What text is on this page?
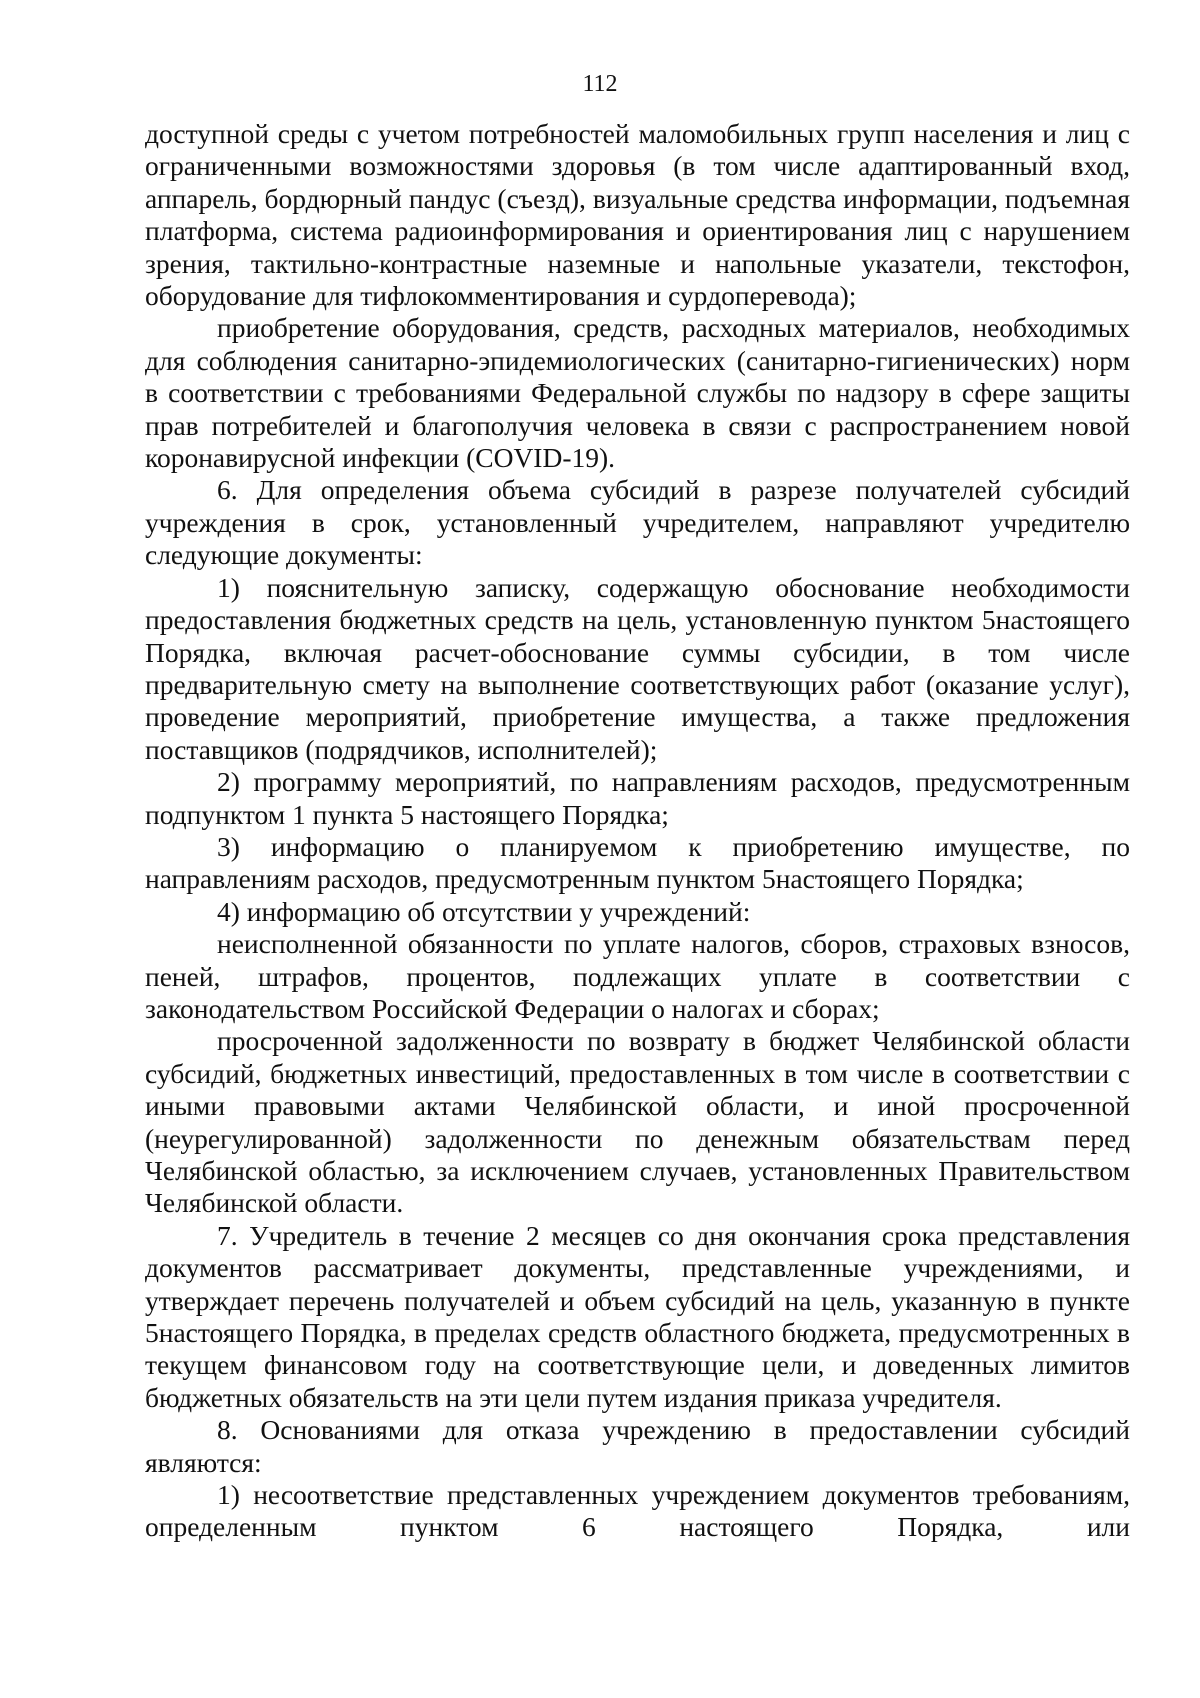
112

доступной среды с учетом потребностей маломобильных групп населения и лиц с ограниченными возможностями здоровья (в том числе адаптированный вход, аппарель, бордюрный пандус (съезд), визуальные средства информации, подъемная платформа, система радиоинформирования и ориентирования лиц с нарушением зрения, тактильно-контрастные наземные и напольные указатели, текстофон, оборудование для тифлокомментирования и сурдоперевода);

приобретение оборудования, средств, расходных материалов, необходимых для соблюдения санитарно-эпидемиологических (санитарно-гигиенических) норм в соответствии с требованиями Федеральной службы по надзору в сфере защиты прав потребителей и благополучия человека в связи с распространением новой коронавирусной инфекции (COVID-19).

6. Для определения объема субсидий в разрезе получателей субсидий учреждения в срок, установленный учредителем, направляют учредителю следующие документы:

1) пояснительную записку, содержащую обоснование необходимости предоставления бюджетных средств на цель, установленную пунктом 5настоящего Порядка, включая расчет-обоснование суммы субсидии, в том числе предварительную смету на выполнение соответствующих работ (оказание услуг), проведение мероприятий, приобретение имущества, а также предложения поставщиков (подрядчиков, исполнителей);

2) программу мероприятий, по направлениям расходов, предусмотренным подпунктом 1 пункта 5 настоящего Порядка;

3) информацию о планируемом к приобретению имуществе, по направлениям расходов, предусмотренным пунктом 5настоящего Порядка;

4) информацию об отсутствии у учреждений:

неисполненной обязанности по уплате налогов, сборов, страховых взносов, пеней, штрафов, процентов, подлежащих уплате в соответствии с законодательством Российской Федерации о налогах и сборах;

просроченной задолженности по возврату в бюджет Челябинской области субсидий, бюджетных инвестиций, предоставленных в том числе в соответствии с иными правовыми актами Челябинской области, и иной просроченной (неурегулированной) задолженности по денежным обязательствам перед Челябинской областью, за исключением случаев, установленных Правительством Челябинской области.

7. Учредитель в течение 2 месяцев со дня окончания срока представления документов рассматривает документы, представленные учреждениями, и утверждает перечень получателей и объем субсидий на цель, указанную в пункте 5настоящего Порядка, в пределах средств областного бюджета, предусмотренных в текущем финансовом году на соответствующие цели, и доведенных лимитов бюджетных обязательств на эти цели путем издания приказа учредителя.

8. Основаниями для отказа учреждению в предоставлении субсидий являются:

1) несоответствие представленных учреждением документов требованиям, определенным пунктом 6 настоящего Порядка, или
